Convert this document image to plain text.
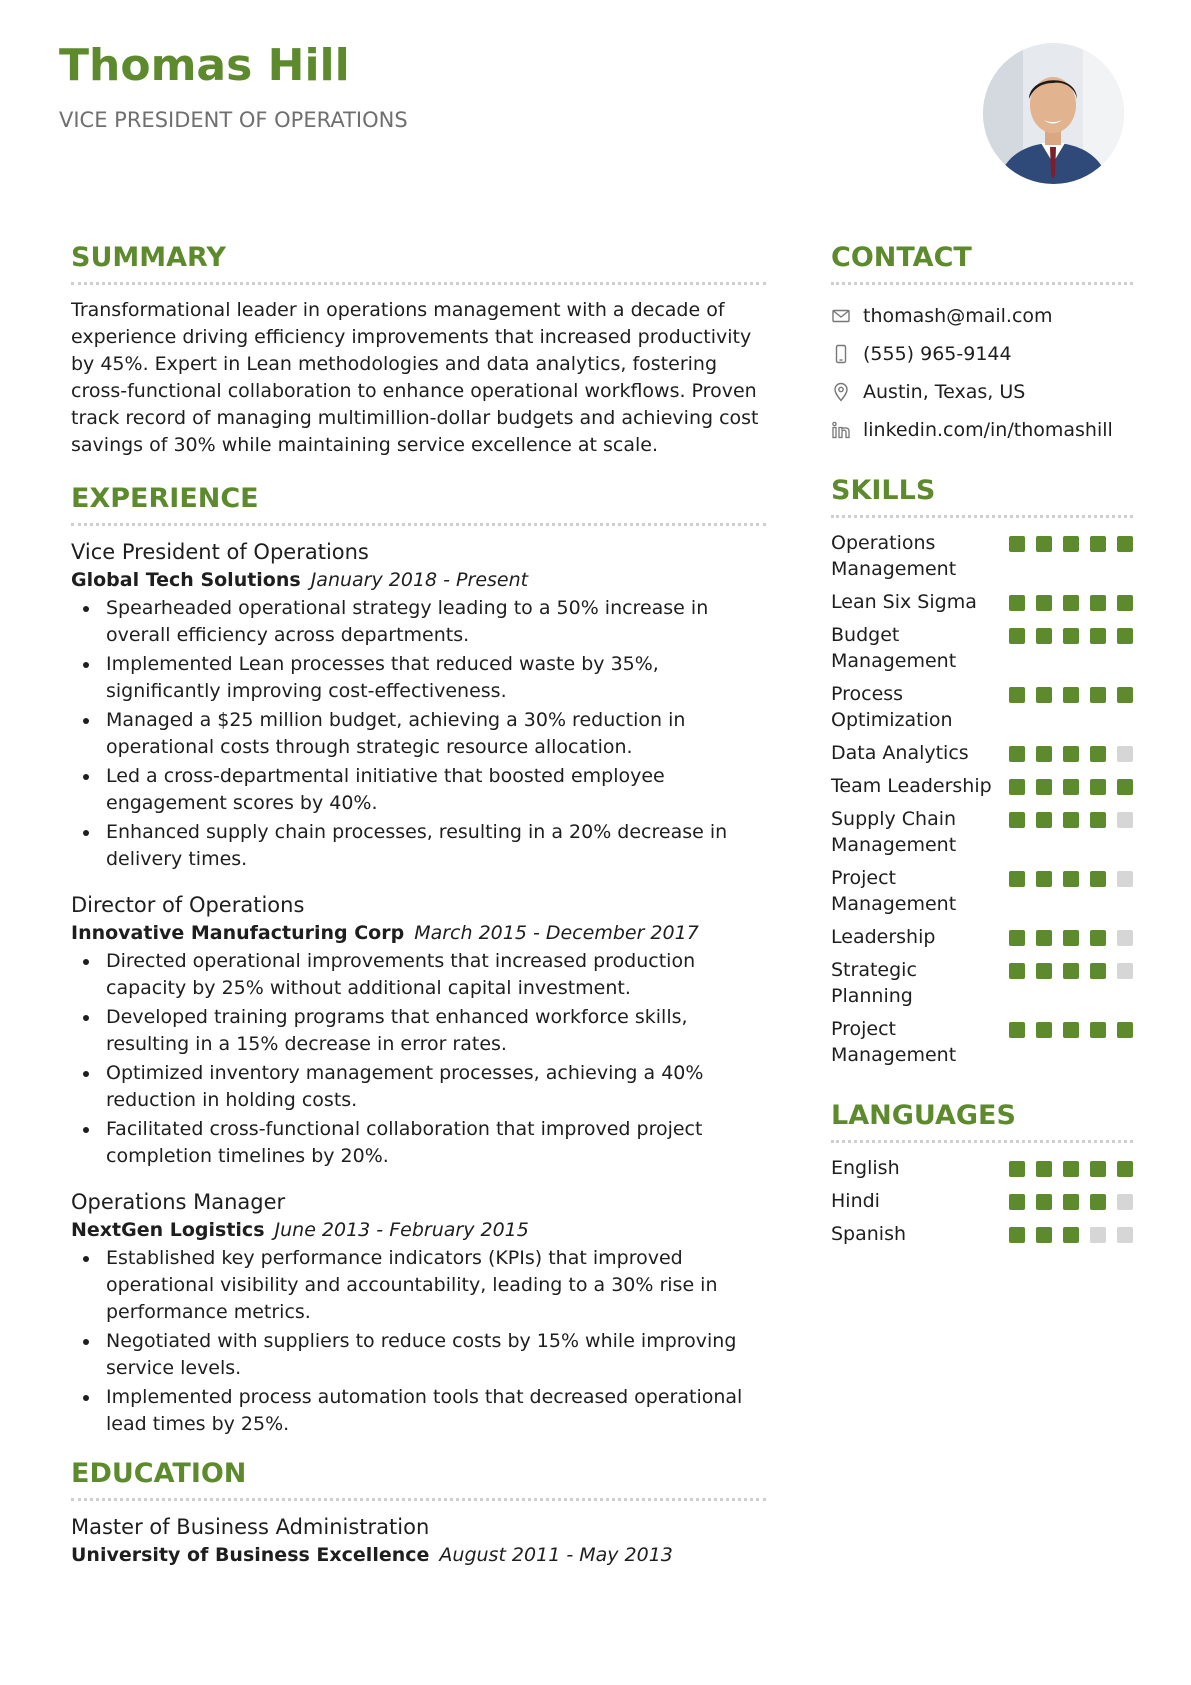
Thomas Hill
VICE PRESIDENT OF OPERATIONS
SUMMARY

Transformational leader in operations management with a decade of experience driving efficiency improvements that increased productivity by 45%. Expert in Lean methodologies and data analytics, fostering cross-functional collaboration to enhance operational workflows. Proven track record of managing multimillion-dollar budgets and achieving cost savings of 30% while maintaining service excellence at scale.

EXPERIENCE
Vice President of Operations
Global Tech Solutions January 2018 - Present
Spearheaded operational strategy leading to a 50% increase in overall efficiency across departments.
Implemented Lean processes that reduced waste by 35%, significantly improving cost-effectiveness.
Managed a $25 million budget, achieving a 30% reduction in operational costs through strategic resource allocation.
Led a cross-departmental initiative that boosted employee engagement scores by 40%.
Enhanced supply chain processes, resulting in a 20% decrease in delivery times.
Director of Operations
Innovative Manufacturing Corp March 2015 - December 2017
Directed operational improvements that increased production capacity by 25% without additional capital investment.
Developed training programs that enhanced workforce skills, resulting in a 15% decrease in error rates.
Optimized inventory management processes, achieving a 40% reduction in holding costs.
Facilitated cross-functional collaboration that improved project completion timelines by 20%.
Operations Manager
NextGen Logistics June 2013 - February 2015
Established key performance indicators (KPIs) that improved operational visibility and accountability, leading to a 30% rise in performance metrics.
Negotiated with suppliers to reduce costs by 15% while improving service levels.
Implemented process automation tools that decreased operational lead times by 25%.
EDUCATION
Master of Business Administration
University of Business Excellence August 2011 - May 2013
CONTACT
thomash@mail.com
(555) 965-9144
Austin, Texas, US
linkedin.com/in/thomashill
SKILLS
Operations Management
Lean Six Sigma
Budget Management
Process Optimization
Data Analytics
Team Leadership
Supply Chain Management
Project Management
Leadership
Strategic Planning
Project Management
LANGUAGES
English
Hindi
Spanish
